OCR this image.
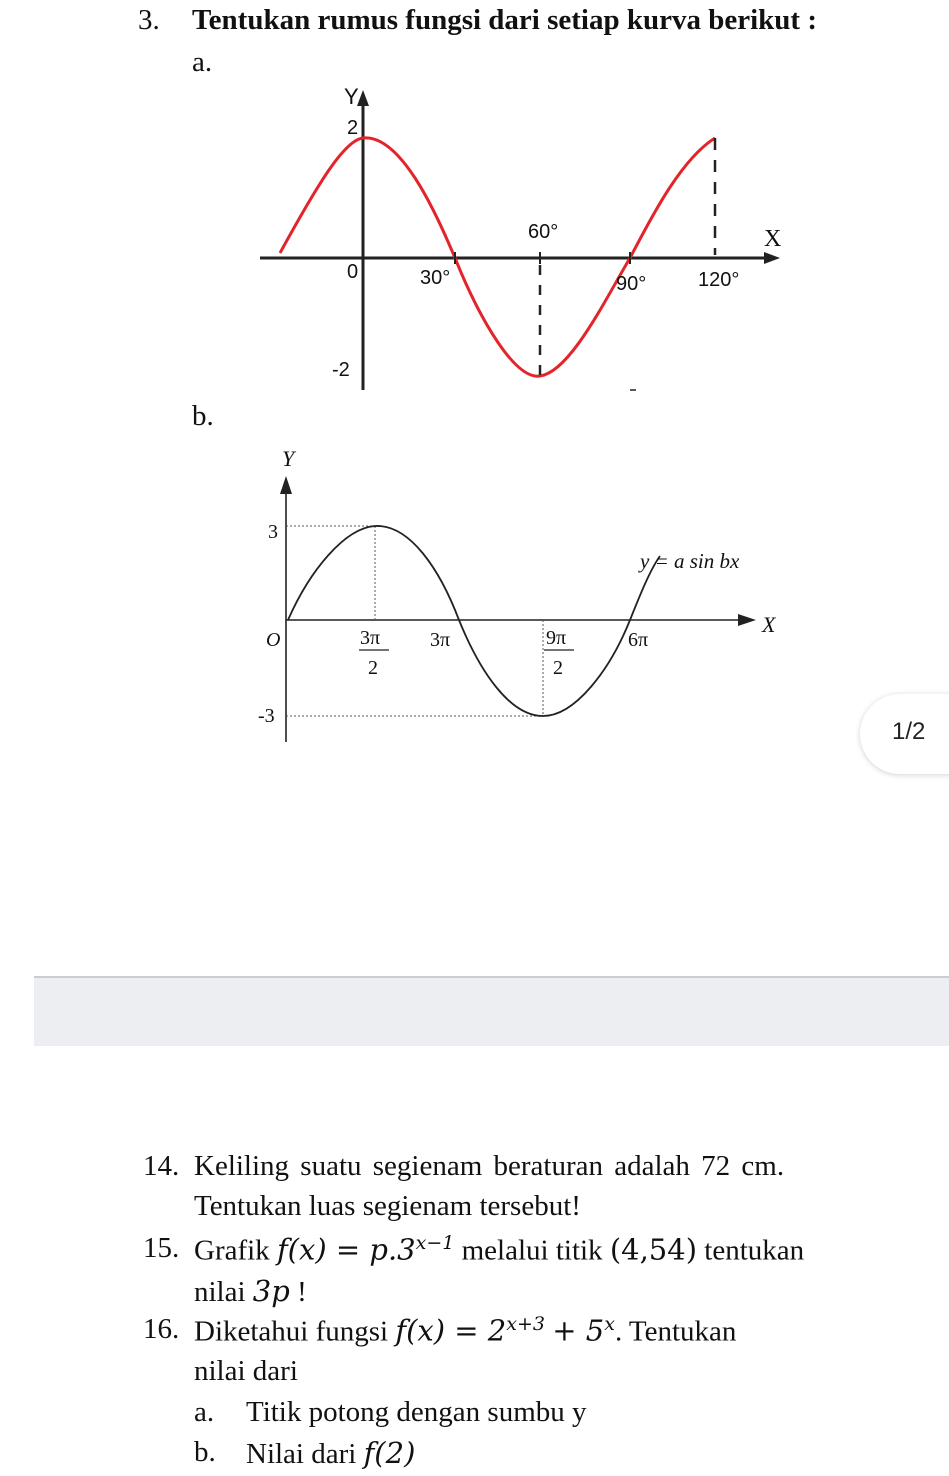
3. Tentukan rumus fungsi dari setiap kurva berikut :
a.
Y
2
0
-2
X
30°
60°
90°	120°
b.
Y
3
O
-3
X
3π
2
3π	9π
2
6π
y = a sin bx
1/2
14. Keliling suatu segienam beraturan adalah 72 cm.
Tentukan luas segienam tersebut!
15. Grafik $f(x) = p.3^{x-1}$ melalui titik (4,54) tentukan
nilai 3p !
16. Diketahui fungsi $f(x) = 2^{x+3} + 5^x$. Tentukan
nilai dari
a. Titik potong dengan sumbu y
b. Nilai dari f(2)
